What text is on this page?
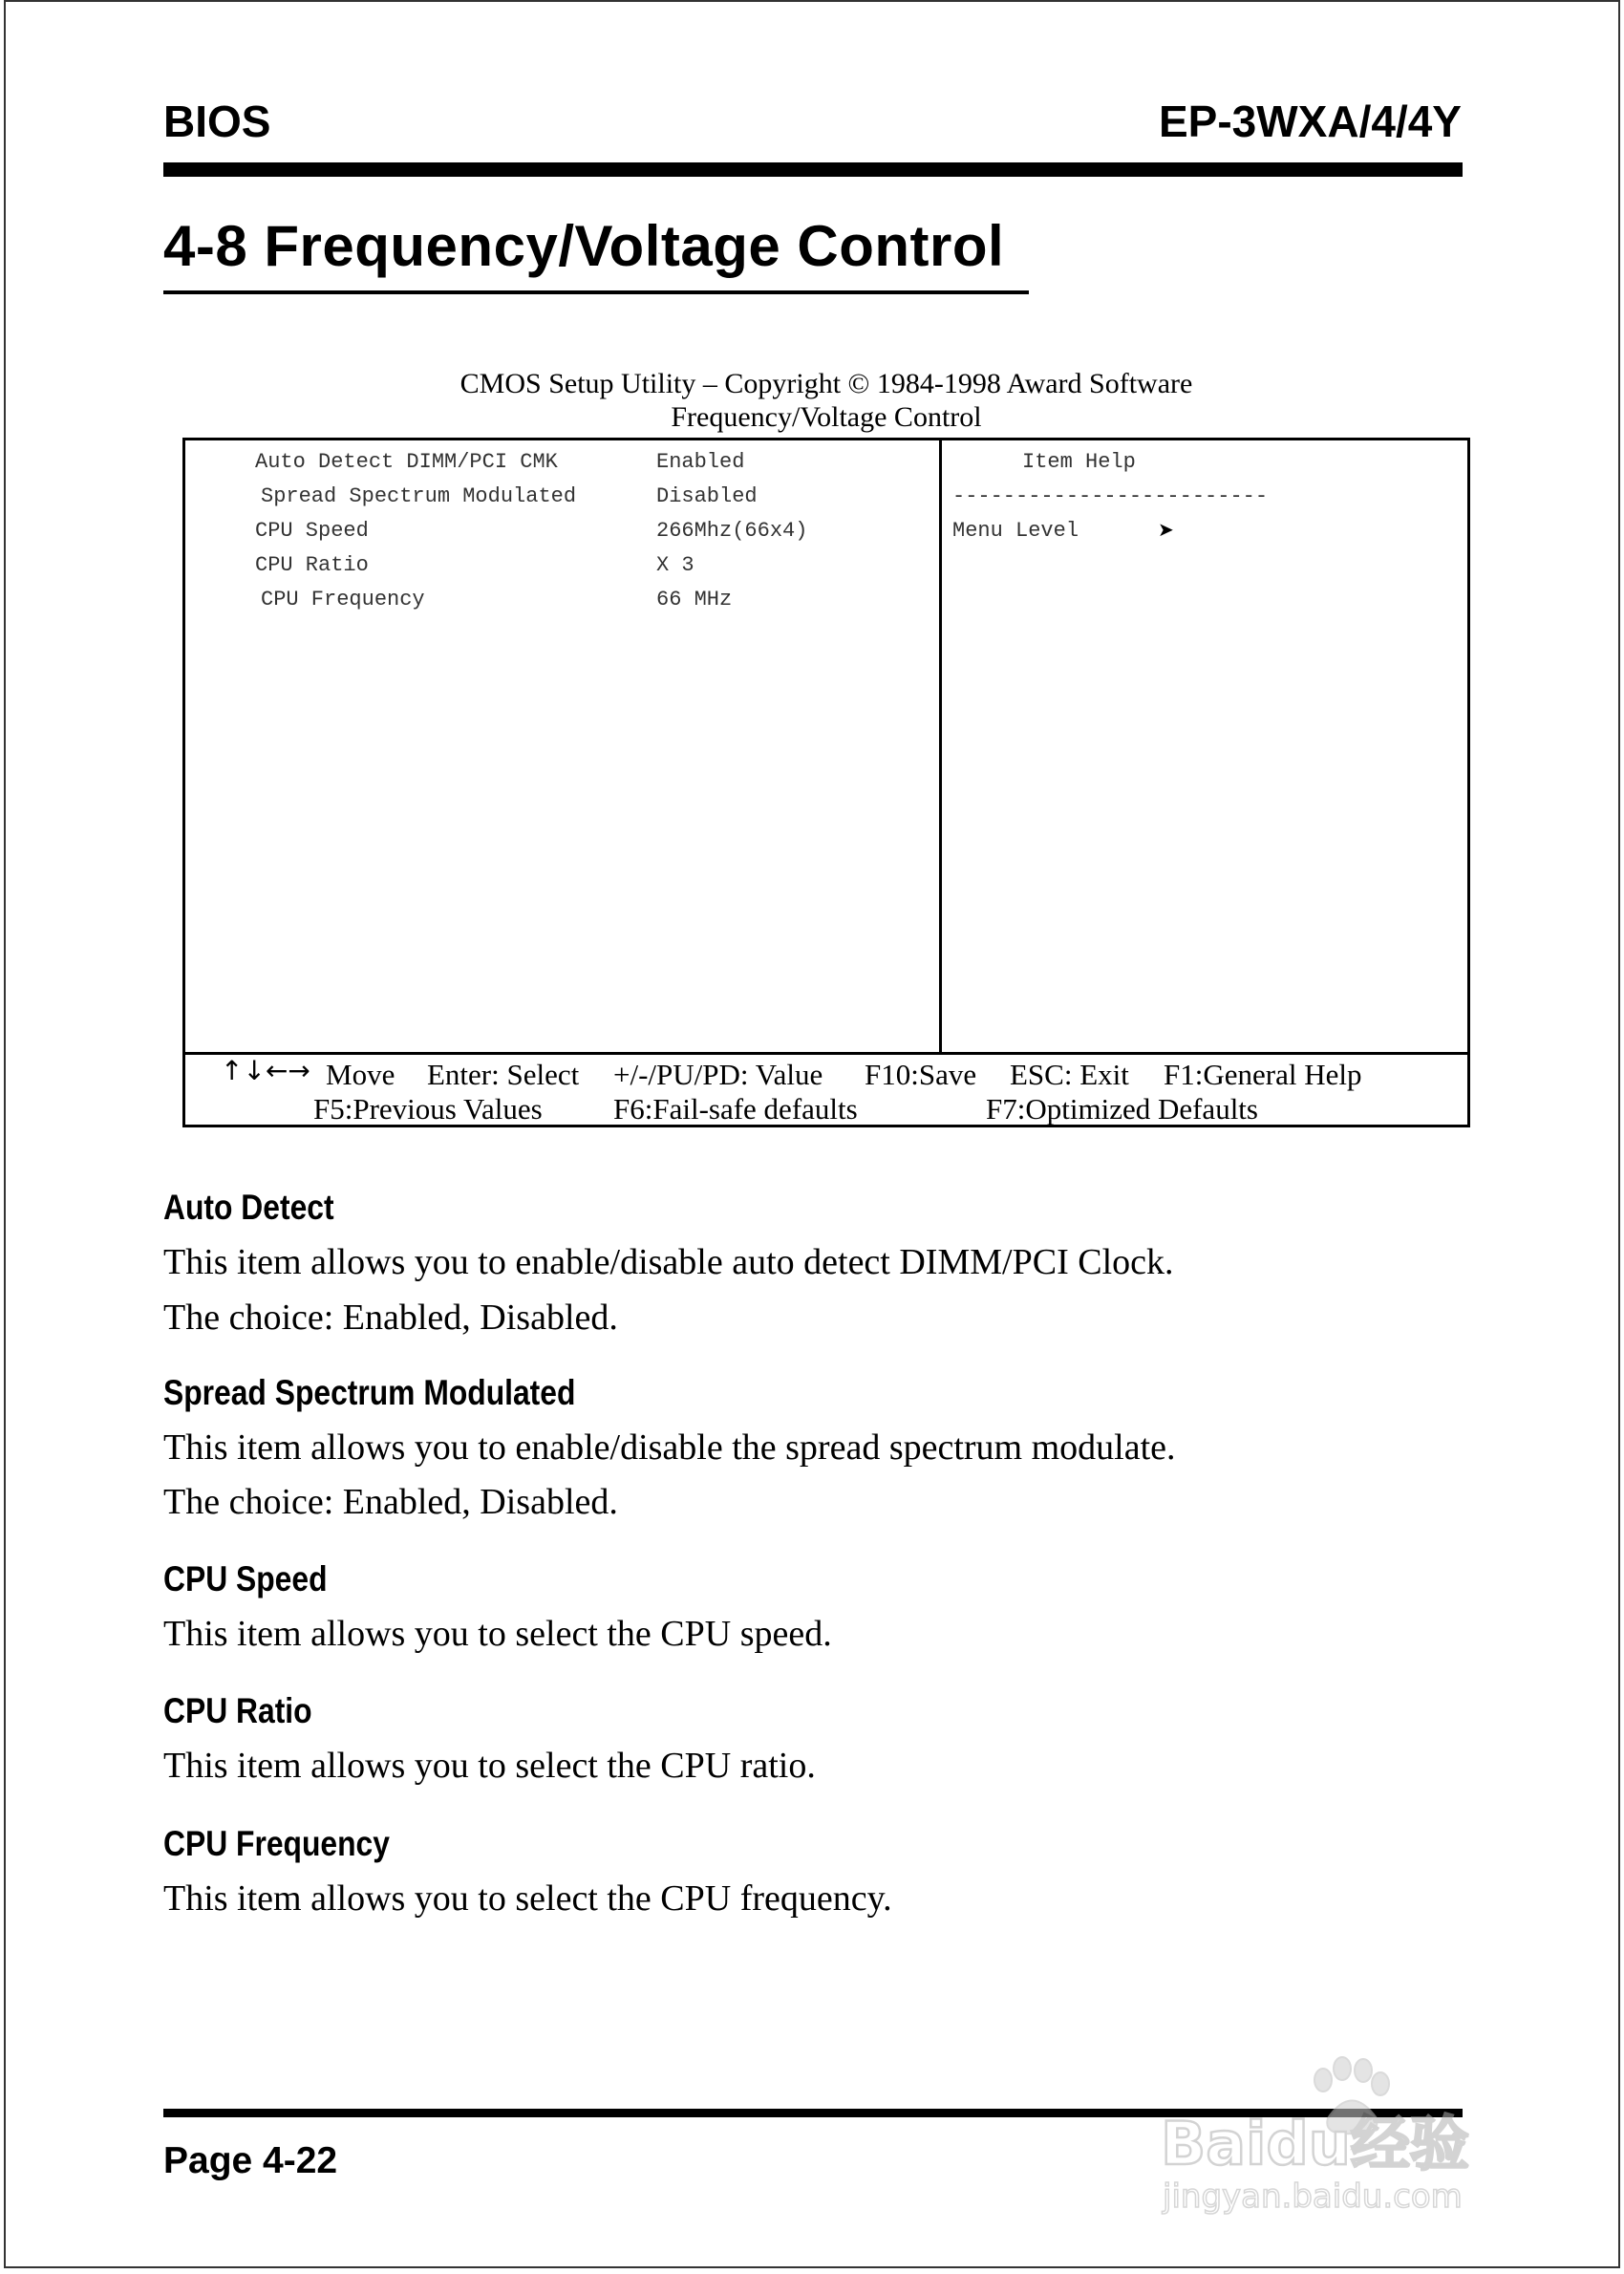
BIOS	EP-3WXA/4/4Y
4-8 Frequency/Voltage Control
CMOS Setup Utility – Copyright © 1984-1998 Award Software
Frequency/Voltage Control
Auto Detect DIMM/PCI CMK	Enabled
Spread Spectrum Modulated	Disabled
CPU Speed	266Mhz(66x4)
CPU Ratio	X 3
CPU Frequency	66 MHz
Item Help
-------------------------
Menu Level	➤
↑↓←→ Move Enter: Select +/-/PU/PD: Value F10:Save ESC: Exit F1:General Help
F5:Previous Values F6:Fail-safe defaults	F7:Optimized Defaults
Auto Detect
This item allows you to enable/disable auto detect DIMM/PCI Clock.
The choice: Enabled, Disabled.
Spread Spectrum Modulated
This item allows you to enable/disable the spread spectrum modulate.
The choice: Enabled, Disabled.
CPU Speed
This item allows you to select the CPU speed.
CPU Ratio
This item allows you to select the CPU ratio.
CPU Frequency
This item allows you to select the CPU frequency.
Page 4-22	Baidu经验
jingyan.baidu.com
